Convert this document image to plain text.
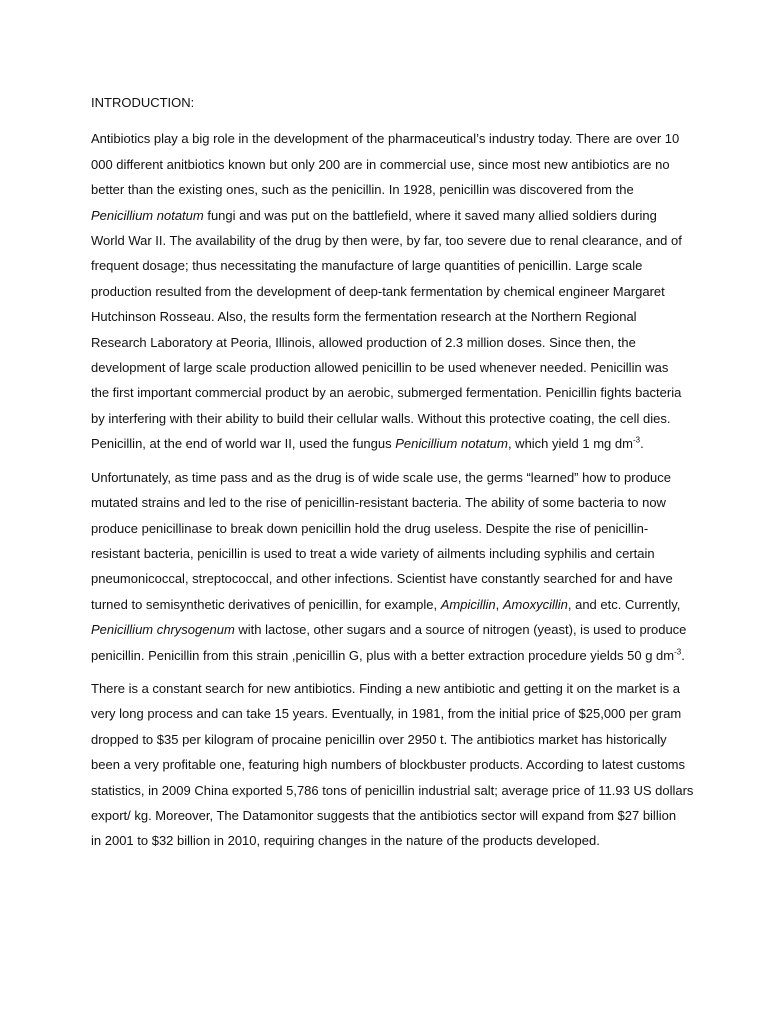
INTRODUCTION:
Antibiotics play a big role in the development of the pharmaceutical’s industry today. There are over 10
000 different anitbiotics known but only 200 are in commercial use, since most new antibiotics are no
better than the existing ones, such as the penicillin. In 1928, penicillin was discovered from the
Penicillium notatum fungi and was put on the battlefield, where it saved many allied soldiers during
World War II. The availability of the drug by then were, by far, too severe due to renal clearance, and of
frequent dosage; thus necessitating the manufacture of large quantities of penicillin. Large scale
production resulted from the development of deep-tank fermentation by chemical engineer Margaret
Hutchinson Rosseau. Also, the results form the fermentation research at the Northern Regional
Research Laboratory at Peoria, Illinois, allowed production of 2.3 million doses. Since then, the
development of large scale production allowed penicillin to be used whenever needed. Penicillin was
the first important commercial product by an aerobic, submerged fermentation. Penicillin fights bacteria
by interfering with their ability to build their cellular walls. Without this protective coating, the cell dies.
Penicillin, at the end of world war II, used the fungus Penicillium notatum, which yield 1 mg $dm^{-3}$.
Unfortunately, as time pass and as the drug is of wide scale use, the germs “learned” how to produce
mutated strains and led to the rise of penicillin-resistant bacteria. The ability of some bacteria to now
produce penicillinase to break down penicillin hold the drug useless. Despite the rise of penicillin-
resistant bacteria, penicillin is used to treat a wide variety of ailments including syphilis and certain
pneumonicoccal, streptococcal, and other infections. Scientist have constantly searched for and have
turned to semisynthetic derivatives of penicillin, for example, Ampicillin, Amoxycillin, and etc. Currently,
Penicillium chrysogenum with lactose, other sugars and a source of nitrogen (yeast), is used to produce
penicillin. Penicillin from this strain ,penicillin G, plus with a better extraction procedure yields 50 g $dm^{-3}$.
There is a constant search for new antibiotics. Finding a new antibiotic and getting it on the market is a
very long process and can take 15 years. Eventually, in 1981, from the initial price of $25,000 per gram
dropped to $35 per kilogram of procaine penicillin over 2950 t. The antibiotics market has historically
been a very profitable one, featuring high numbers of blockbuster products. According to latest customs
statistics, in 2009 China exported 5,786 tons of penicillin industrial salt; average price of 11.93 US dollars
export/ kg. Moreover, The Datamonitor suggests that the antibiotics sector will expand from $27 billion
in 2001 to $32 billion in 2010, requiring changes in the nature of the products developed.
